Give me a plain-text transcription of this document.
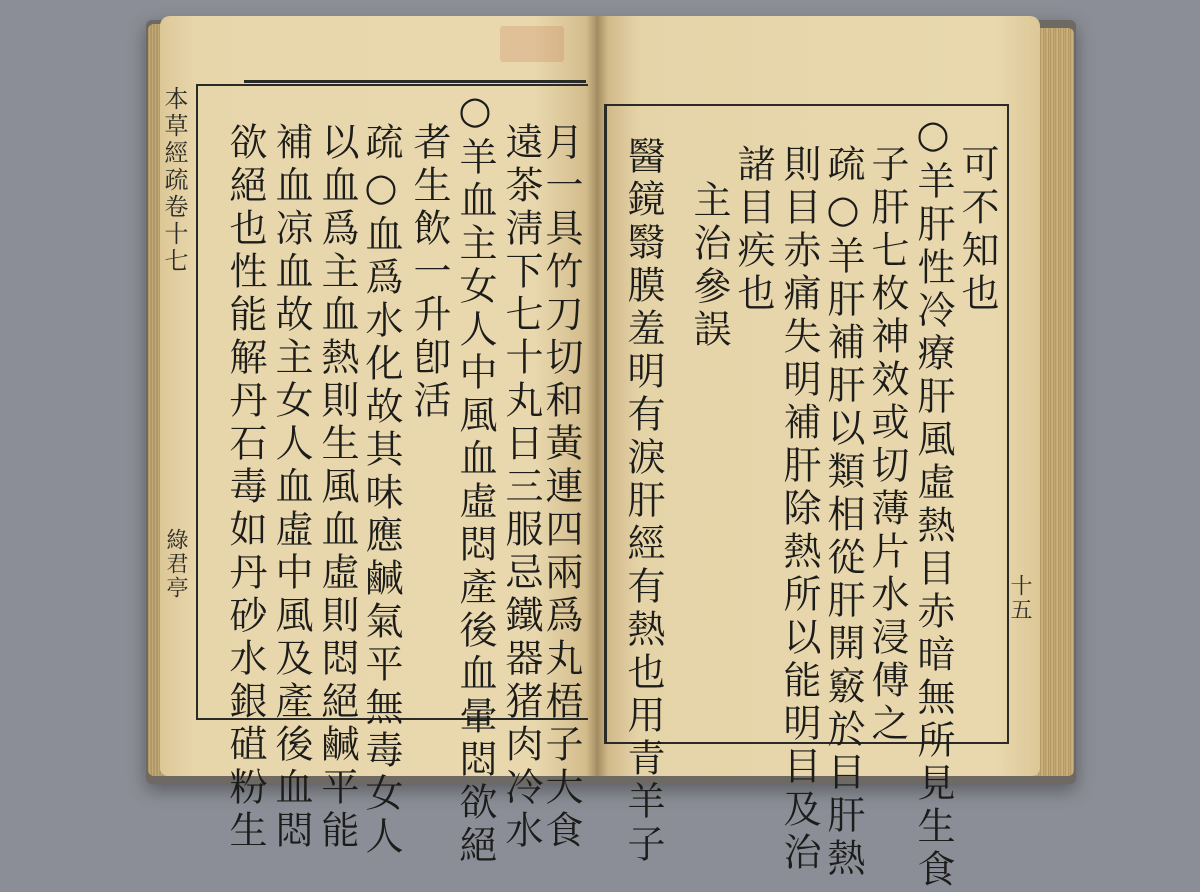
本草經疏卷十七
綠君亭	月一具竹刀切和黃連四兩爲丸梧子大食
遠茶淸下七十丸日三服忌鐵器猪肉冷水
○羊血主女人中風血虛悶產後血暈悶欲絕
者生飲一升卽活
疏○血爲水化故其味應鹹氣平無毒女人
以血爲主血熱則生風血虛則悶絕鹹平能
補血凉血故主女人血虛中風及產後血悶
欲絕也性能解丹石毒如丹砂水銀䃊粉生	十五
可不知也
○羊肝性冷療肝風虛熱目赤暗無所見生食
子肝七枚神效或切薄片水浸傅之
疏○羊肝補肝以類相從肝開竅於目肝熱
則目赤痛失明補肝除熱所以能明目及治
諸目疾也
主治參誤
醫鏡翳膜羞明有淚肝經有熱也用青羊子
